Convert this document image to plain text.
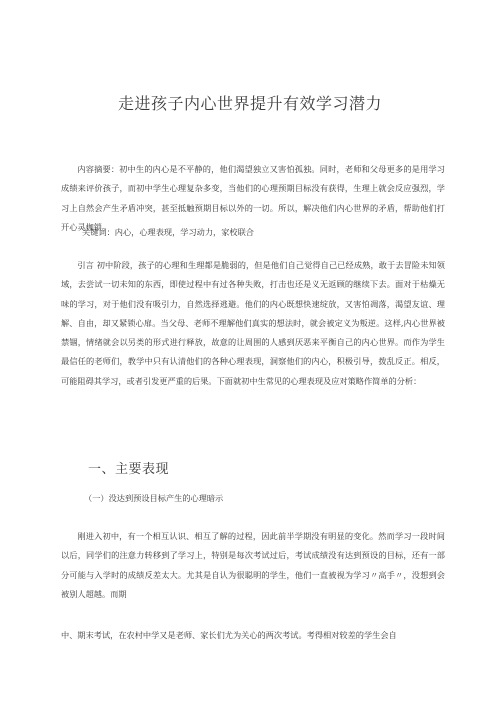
走进孩子内心世界提升有效学习潜力

内容摘要：初中生的内心是不平静的，他们渴望独立又害怕孤独。同时，老师和父母更多的是用学习成绩来评价孩子，而初中学生心理复杂多变，当他们的心理预期目标没有获得，生理上就会反应强烈，学习上自然会产生矛盾冲突，甚至抵触预期目标以外的一切。所以，解决他们内心世界的矛盾，帮助他们打开心灵枷锁。

关键词：内心，心理表现，学习动力，家校联合

引言 初中阶段，孩子的心理和生理都是脆弱的，但是他们自己觉得自己已经成熟，敢于去冒险未知领域，去尝试一切未知的东西，即使过程中有过各种失败，打击也还是义无返顾的继续下去。面对于枯燥无味的学习，对于他们没有吸引力，自然选择逃避。他们的内心既想快速绽放，又害怕凋落，渴望友谊、理解、自由，却又紧锁心扉。当父母、老师不理解他们真实的想法时，就会被定义为叛逆。这样,内心世界被禁锢，情绪就会以另类的形式进行释放，故意的让周围的人感到厌恶来平衡自己的内心世界。而作为学生最信任的老师们，教学中只有认清他们的各种心理表现，洞察他们的内心，积极引导，拨乱反正。相反，可能阻碍其学习，或者引发更严重的后果。下面就初中生常见的心理表现及应对策略作简单的分析：

一、主要表现
（一）没达到预设目标产生的心理暗示

刚进入初中，有一个相互认识、相互了解的过程，因此前半学期没有明显的变化。然而学习一段时间以后，同学们的注意力转移到了学习上，特别是每次考试过后，考试成绩没有达到预设的目标，还有一部分可能与入学时的成绩反差太大。尤其是自认为很聪明的学生，他们一直被视为学习〃高手〃，没想到会被别人超越。而期

中、期末考试，在农村中学又是老师、家长们尤为关心的两次考试。考得相对较差的学生会自
